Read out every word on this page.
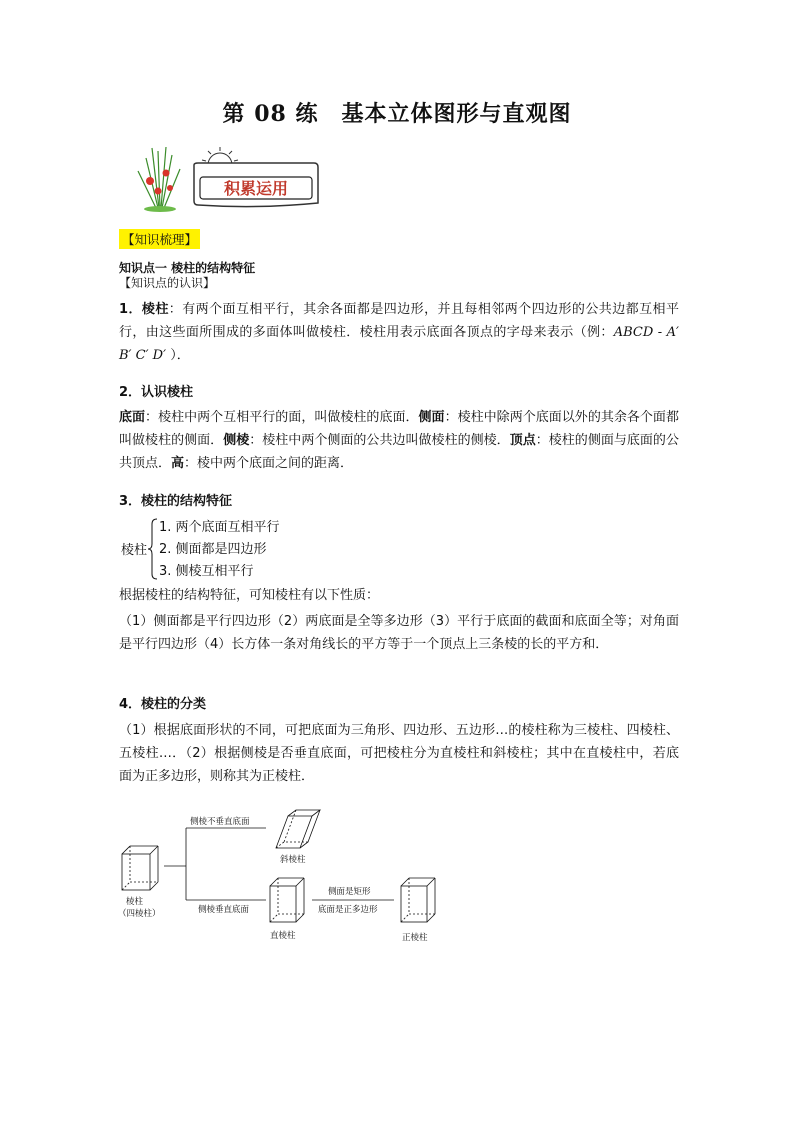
第 08 练　基本立体图形与直观图
积累运用
【知识梳理】
知识点一 棱柱的结构特征
【知识点的认识】
1．棱柱：有两个面互相平行，其余各面都是四边形，并且每相邻两个四边形的公共边都互相平行，由这些面所围成的多面体叫做棱柱．棱柱用表示底面各顶点的字母来表示（例：ABCD - A′ B′ C′ D′ ）．
2．认识棱柱
底面：棱柱中两个互相平行的面，叫做棱柱的底面．侧面：棱柱中除两个底面以外的其余各个面都叫做棱柱的侧面．侧棱：棱柱中两个侧面的公共边叫做棱柱的侧棱．顶点：棱柱的侧面与底面的公共顶点．高：棱中两个底面之间的距离．
3．棱柱的结构特征
棱柱
1. 两个底面互相平行
2. 侧面都是四边形
3. 侧棱互相平行
根据棱柱的结构特征，可知棱柱有以下性质：
（1）侧面都是平行四边形（2）两底面是全等多边形（3）平行于底面的截面和底面全等；对角面是平行四边形（4）长方体一条对角线长的平方等于一个顶点上三条棱的长的平方和．
4．棱柱的分类
（1）根据底面形状的不同，可把底面为三角形、四边形、五边形…的棱柱称为三棱柱、四棱柱、五棱柱…．（2）根据侧棱是否垂直底面，可把棱柱分为直棱柱和斜棱柱；其中在直棱柱中，若底面为正多边形，则称其为正棱柱．
棱柱
（四棱柱）
侧棱不垂直底面
斜棱柱
侧棱垂直底面
直棱柱
侧面是矩形
底面是正多边形
正棱柱
